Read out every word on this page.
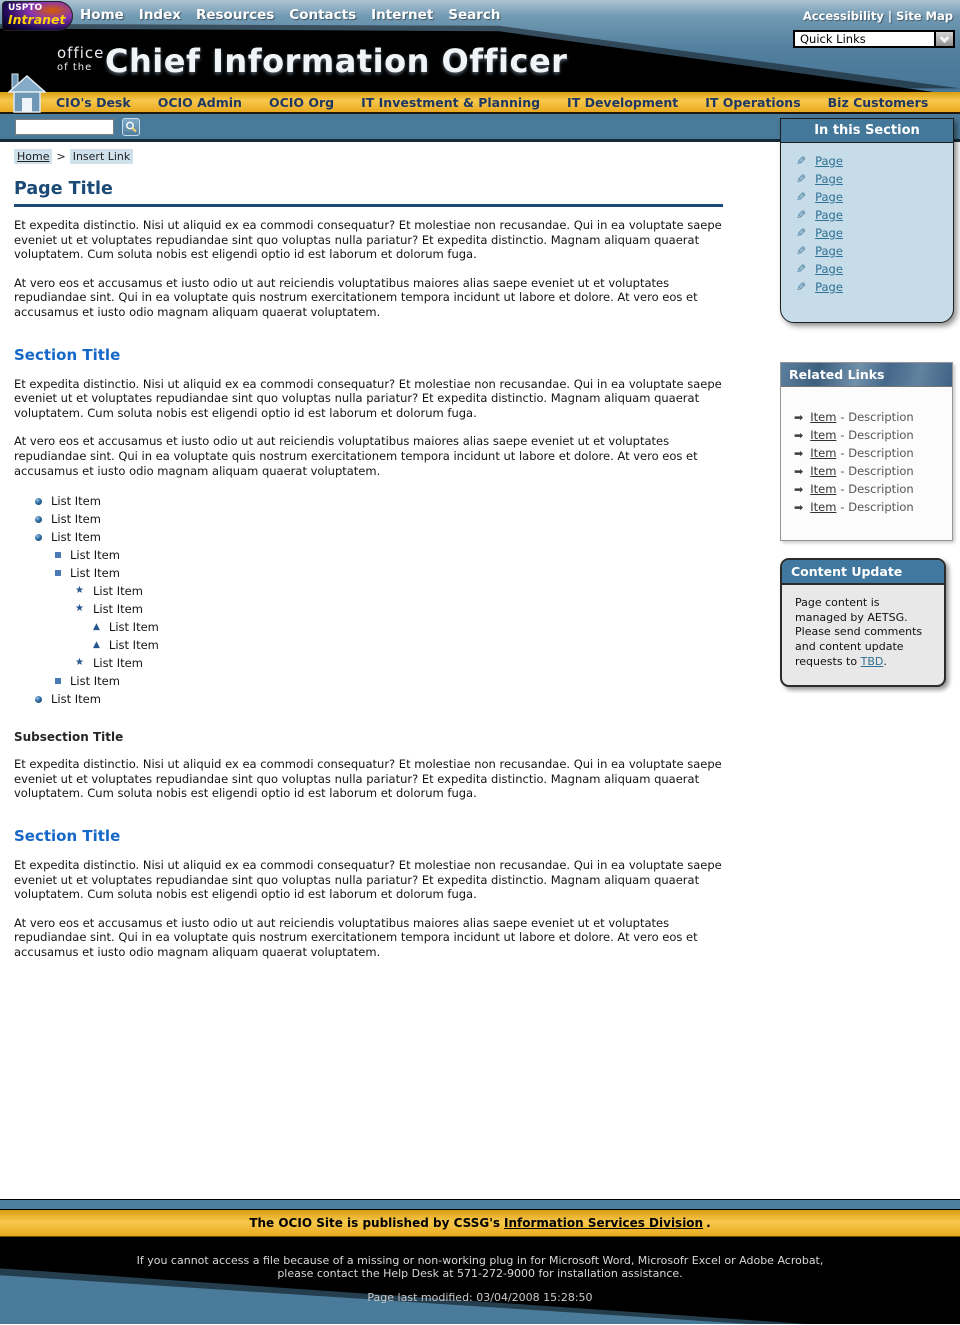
USPTO
Intranet Home Index Resources Contacts Internet Search	Accessibility | Site Map
Quick Links
office
of the Chief Information Officer
CIO's Desk OCIO Admin OCIO Org IT Investment & Planning IT Development IT Operations Biz Customers
Home > Insert Link
Page Title

Et expedita distinctio. Nisi ut aliquid ex ea commodi consequatur? Et molestiae non recusandae. Qui in ea voluptate saepe eveniet ut et voluptates repudiandae sint quo voluptas nulla pariatur? Et expedita distinctio. Magnam aliquam quaerat voluptatem. Cum soluta nobis est eligendi optio id est laborum et dolorum fuga.

At vero eos et accusamus et iusto odio ut aut reiciendis voluptatibus maiores alias saepe eveniet ut et voluptates repudiandae sint. Qui in ea voluptate quis nostrum exercitationem tempora incidunt ut labore et dolore. At vero eos et accusamus et iusto odio magnam aliquam quaerat voluptatem.

Section Title

Et expedita distinctio. Nisi ut aliquid ex ea commodi consequatur? Et molestiae non recusandae. Qui in ea voluptate saepe eveniet ut et voluptates repudiandae sint quo voluptas nulla pariatur? Et expedita distinctio. Magnam aliquam quaerat voluptatem. Cum soluta nobis est eligendi optio id est laborum et dolorum fuga.

At vero eos et accusamus et iusto odio ut aut reiciendis voluptatibus maiores alias saepe eveniet ut et voluptates repudiandae sint. Qui in ea voluptate quis nostrum exercitationem tempora incidunt ut labore et dolore. At vero eos et accusamus et iusto odio magnam aliquam quaerat voluptatem.

List Item
List Item
List Item
List Item
List Item
★ List Item
★ List Item
▲ List Item
▲ List Item
★ List Item
List Item
List Item
Subsection Title

Et expedita distinctio. Nisi ut aliquid ex ea commodi consequatur? Et molestiae non recusandae. Qui in ea voluptate saepe eveniet ut et voluptates repudiandae sint quo voluptas nulla pariatur? Et expedita distinctio. Magnam aliquam quaerat voluptatem. Cum soluta nobis est eligendi optio id est laborum et dolorum fuga.

Section Title

Et expedita distinctio. Nisi ut aliquid ex ea commodi consequatur? Et molestiae non recusandae. Qui in ea voluptate saepe eveniet ut et voluptates repudiandae sint quo voluptas nulla pariatur? Et expedita distinctio. Magnam aliquam quaerat voluptatem. Cum soluta nobis est eligendi optio id est laborum et dolorum fuga.

At vero eos et accusamus et iusto odio ut aut reiciendis voluptatibus maiores alias saepe eveniet ut et voluptates repudiandae sint. Qui in ea voluptate quis nostrum exercitationem tempora incidunt ut labore et dolore. At vero eos et accusamus et iusto odio magnam aliquam quaerat voluptatem.

In this Section
✎ Page
✎ Page
✎ Page
✎ Page
✎ Page
✎ Page
✎ Page
✎ Page
Related Links
➡ Item - Description
➡ Item - Description
➡ Item - Description
➡ Item - Description
➡ Item - Description
➡ Item - Description
Content Update
Page content is managed by AETSG. Please send comments and content update requests to TBD.
The OCIO Site is published by CSSG's Information Services Division .
If you cannot access a file because of a missing or non-working plug in for Microsoft Word, Microsofr Excel or Adobe Acrobat,
please contact the Help Desk at 571-272-9000 for installation assistance.
Page last modified: 03/04/2008 15:28:50
